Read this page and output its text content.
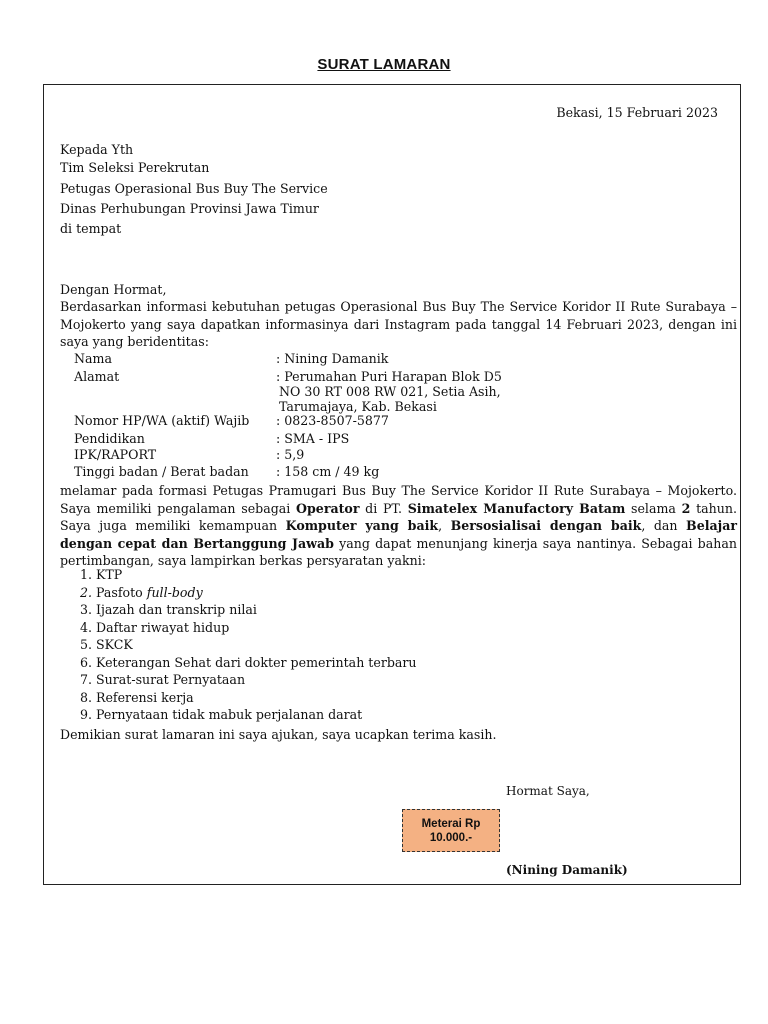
SURAT LAMARAN
Bekasi, 15 Februari 2023
Kepada Yth
Tim Seleksi Perekrutan
Petugas Operasional Bus Buy The Service
Dinas Perhubungan Provinsi Jawa Timur
di tempat
Dengan Hormat,
Berdasarkan informasi kebutuhan petugas Operasional Bus Buy The Service Koridor II Rute Surabaya – Mojokerto yang saya dapatkan informasinya dari Instagram pada tanggal 14 Februari 2023, dengan ini saya yang beridentitas:
Nama	: Nining Damanik
Alamat	: Perumahan Puri Harapan Blok D5
NO 30 RT 008 RW 021, Setia Asih,
Tarumajaya, Kab. Bekasi
Nomor HP/WA (aktif) Wajib : 0823-8507-5877
Pendidikan	: SMA - IPS
IPK/RAPORT	: 5,9
Tinggi badan / Berat badan : 158 cm / 49 kg
melamar pada formasi Petugas Pramugari Bus Buy The Service Koridor II Rute Surabaya – Mojokerto. Saya memiliki pengalaman sebagai Operator di PT. Simatelex Manufactory Batam selama 2 tahun. Saya juga memiliki kemampuan Komputer yang baik, Bersosialisai dengan baik, dan Belajar dengan cepat dan Bertanggung Jawab yang dapat menunjang kinerja saya nantinya. Sebagai bahan pertimbangan, saya lampirkan berkas persyaratan yakni:
1. KTP
2. Pasfoto full-body
3. Ijazah dan transkrip nilai
4. Daftar riwayat hidup
5. SKCK
6. Keterangan Sehat dari dokter pemerintah terbaru
7. Surat-surat Pernyataan
8. Referensi kerja
9. Pernyataan tidak mabuk perjalanan darat
Demikian surat lamaran ini saya ajukan, saya ucapkan terima kasih.
Hormat Saya,
Meterai Rp
10.000.-
(Nining Damanik)
